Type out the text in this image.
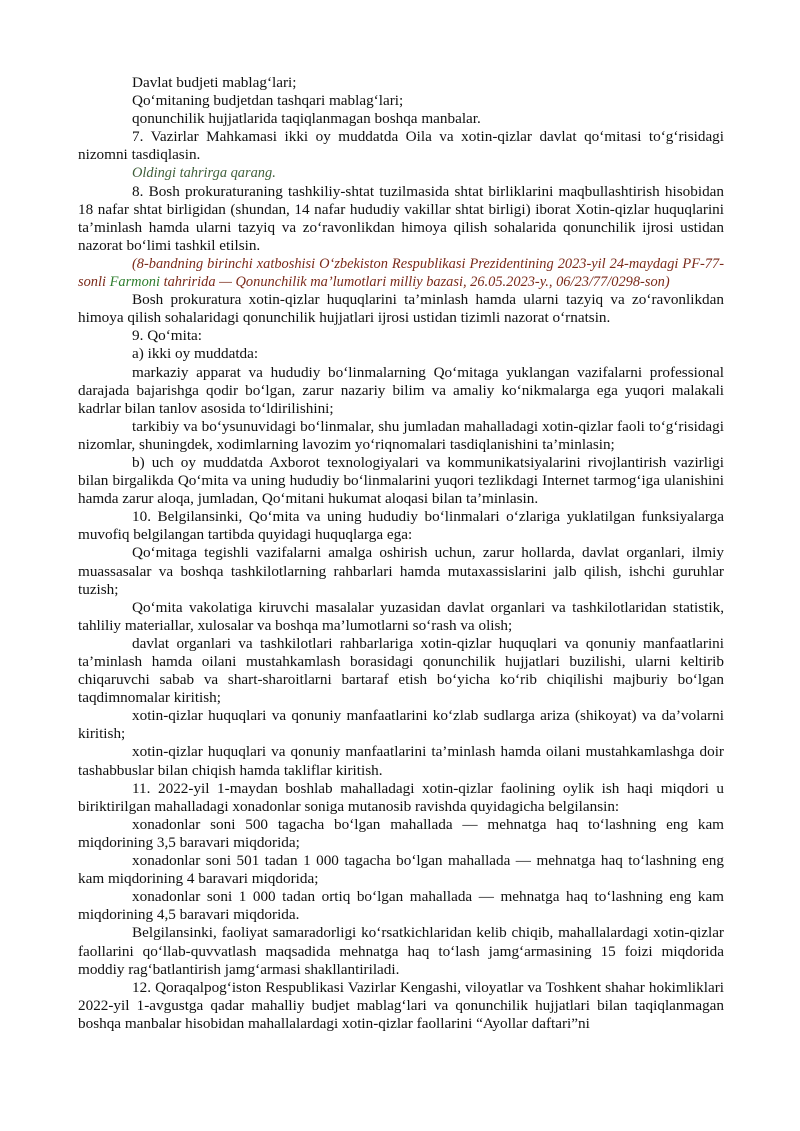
Davlat budjeti mablag‘lari;

Qo‘mitaning budjetdan tashqari mablag‘lari;

qonunchilik hujjatlarida taqiqlanmagan boshqa manbalar.

7. Vazirlar Mahkamasi ikki oy muddatda Oila va xotin-qizlar davlat qo‘mitasi to‘g‘risidagi nizomni tasdiqlasin.

Oldingi tahrirga qarang.

8. Bosh prokuraturaning tashkiliy-shtat tuzilmasida shtat birliklarini maqbullashtirish hisobidan 18 nafar shtat birligidan (shundan, 14 nafar hududiy vakillar shtat birligi) iborat Xotin-qizlar huquqlarini ta’minlash hamda ularni tazyiq va zo‘ravonlikdan himoya qilish sohalarida qonunchilik ijrosi ustidan nazorat bo‘limi tashkil etilsin.

(8-bandning birinchi xatboshisi O‘zbekiston Respublikasi Prezidentining 2023-yil 24-maydagi PF-77-sonli Farmoni tahririda — Qonunchilik ma’lumotlari milliy bazasi, 26.05.2023-y., 06/23/77/0298-son)

Bosh prokuratura xotin-qizlar huquqlarini ta’minlash hamda ularni tazyiq va zo‘ravonlikdan himoya qilish sohalaridagi qonunchilik hujjatlari ijrosi ustidan tizimli nazorat o‘rnatsin.

9. Qo‘mita:

a) ikki oy muddatda:

markaziy apparat va hududiy bo‘linmalarning Qo‘mitaga yuklangan vazifalarni professional darajada bajarishga qodir bo‘lgan, zarur nazariy bilim va amaliy ko‘nikmalarga ega yuqori malakali kadrlar bilan tanlov asosida to‘ldirilishini;

tarkibiy va bo‘ysunuvidagi bo‘linmalar, shu jumladan mahalladagi xotin-qizlar faoli to‘g‘risidagi nizomlar, shuningdek, xodimlarning lavozim yo‘riqnomalari tasdiqlanishini ta’minlasin;

b) uch oy muddatda Axborot texnologiyalari va kommunikatsiyalarini rivojlantirish vazirligi bilan birgalikda Qo‘mita va uning hududiy bo‘linmalarini yuqori tezlikdagi Internet tarmog‘iga ulanishini hamda zarur aloqa, jumladan, Qo‘mitani hukumat aloqasi bilan ta’minlasin.

10. Belgilansinki, Qo‘mita va uning hududiy bo‘linmalari o‘zlariga yuklatilgan funksiyalarga muvofiq belgilangan tartibda quyidagi huquqlarga ega:

Qo‘mitaga tegishli vazifalarni amalga oshirish uchun, zarur hollarda, davlat organlari, ilmiy muassasalar va boshqa tashkilotlarning rahbarlari hamda mutaxassislarini jalb qilish, ishchi guruhlar tuzish;

Qo‘mita vakolatiga kiruvchi masalalar yuzasidan davlat organlari va tashkilotlaridan statistik, tahliliy materiallar, xulosalar va boshqa ma’lumotlarni so‘rash va olish;

davlat organlari va tashkilotlari rahbarlariga xotin-qizlar huquqlari va qonuniy manfaatlarini ta’minlash hamda oilani mustahkamlash borasidagi qonunchilik hujjatlari buzilishi, ularni keltirib chiqaruvchi sabab va shart-sharoitlarni bartaraf etish bo‘yicha ko‘rib chiqilishi majburiy bo‘lgan taqdimnomalar kiritish;

xotin-qizlar huquqlari va qonuniy manfaatlarini ko‘zlab sudlarga ariza (shikoyat) va da’volarni kiritish;

xotin-qizlar huquqlari va qonuniy manfaatlarini ta’minlash hamda oilani mustahkamlashga doir tashabbuslar bilan chiqish hamda takliflar kiritish.

11. 2022-yil 1-maydan boshlab mahalladagi xotin-qizlar faolining oylik ish haqi miqdori u biriktirilgan mahalladagi xonadonlar soniga mutanosib ravishda quyidagicha belgilansin:

xonadonlar soni 500 tagacha bo‘lgan mahallada — mehnatga haq to‘lashning eng kam miqdorining 3,5 baravari miqdorida;

xonadonlar soni 501 tadan 1 000 tagacha bo‘lgan mahallada — mehnatga haq to‘lashning eng kam miqdorining 4 baravari miqdorida;

xonadonlar soni 1 000 tadan ortiq bo‘lgan mahallada — mehnatga haq to‘lashning eng kam miqdorining 4,5 baravari miqdorida.

Belgilansinki, faoliyat samaradorligi ko‘rsatkichlaridan kelib chiqib, mahallalardagi xotin-qizlar faollarini qo‘llab-quvvatlash maqsadida mehnatga haq to‘lash jamg‘armasining 15 foizi miqdorida moddiy rag‘batlantirish jamg‘armasi shakllantiriladi.

12. Qoraqalpog‘iston Respublikasi Vazirlar Kengashi, viloyatlar va Toshkent shahar hokimliklari 2022-yil 1-avgustga qadar mahalliy budjet mablag‘lari va qonunchilik hujjatlari bilan taqiqlanmagan boshqa manbalar hisobidan mahallalardagi xotin-qizlar faollarini “Ayollar daftari”ni
